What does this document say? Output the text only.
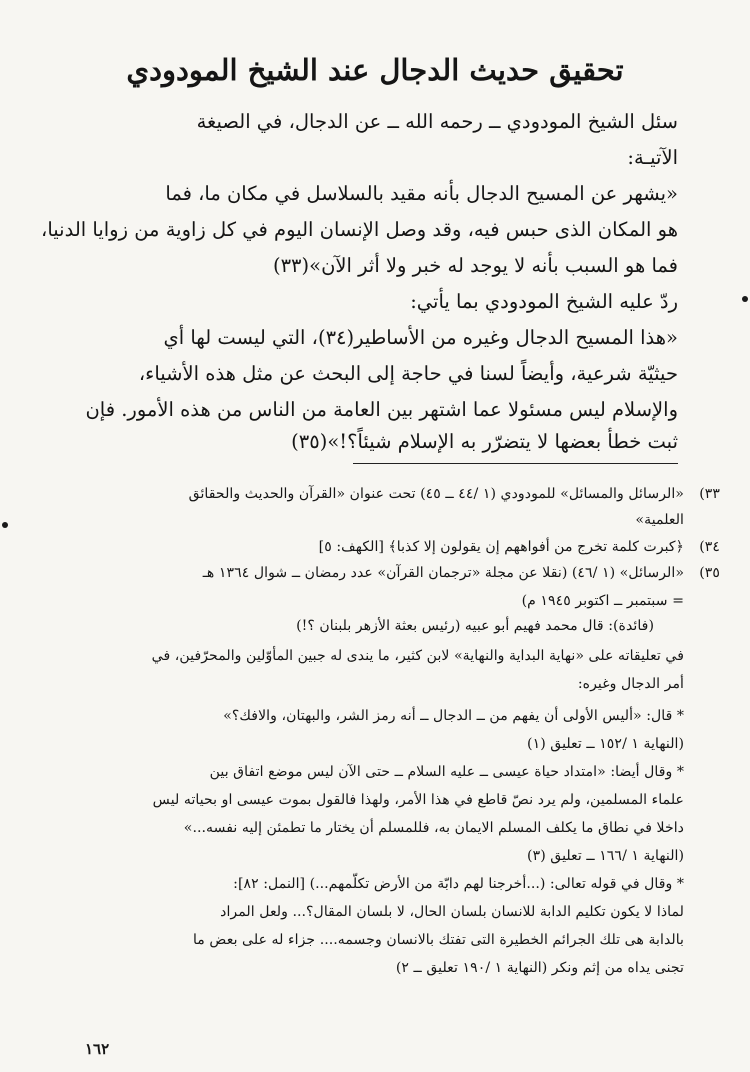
تحقيق حديث الدجال عند الشيخ المودودي
سئل الشيخ المودودي ــ رحمه الله ــ عن الدجال، في الصيغة
الآتيـة:
«يشهر عن المسيح الدجال بأنه مقيد بالسلاسل في مكان ما، فما
هو المكان الذى حبس فيه، وقد وصل الإنسان اليوم في كل زاوية من زوايا الدنيا،
فما هو السبب بأنه لا يوجد له خبر ولا أثر الآن»(٣٣)
ردّ عليه الشيخ المودودي بما يأتي:
«هذا المسيح الدجال وغيره من الأساطير(٣٤)، التي ليست لها أي
حيثيّة شرعية، وأيضاً لسنا في حاجة إلى البحث عن مثل هذه الأشياء،
والإسلام ليس مسئولا عما اشتهر بين العامة من الناس من هذه الأمور. فإن
ثبت خطأ بعضها لا يتضرّر به الإسلام شيئاً؟!»(٣٥)
٣٣)
«الرسائل والمسائل» للمودودي (١ /٤٤ ــ ٤٥) تحت عنوان «القرآن والحديث والحقائق
العلمية»
٣٤)
﴿كبرت كلمة تخرج من أفواههم إن يقولون إلا كذبا﴾ [الكهف: ٥]
٣٥)
«الرسائل» (١ /٤٦) (نقلا عن مجلة «ترجمان القرآن» عدد رمضان ــ شوال ١٣٦٤ هـ
= سبتمبر ــ اكتوبر ١٩٤٥ م)
(فائدة): قال محمد فهيم أبو عبيه (رئيس بعثة الأزهر بلبنان ؟!)
في تعليقاته على «نهاية البداية والنهاية» لابن كثير، ما يندى له جبين المأوّلين والمحرّفين، في
أمر الدجال وغيره:
* قال: «أليس الأولى أن يفهم من ــ الدجال ــ أنه رمز الشر، والبهتان، والافك؟»
(النهاية ١ /١٥٢ ــ تعليق (١)
* وقال أيضا: «امتداد حياة عيسى ــ عليه السلام ــ حتى الآن ليس موضع اتفاق بين
علماء المسلمين، ولم يرد نصّ قاطع في هذا الأمر، ولهذا فالقول بموت عيسى او بحياته ليس
داخلا في نطاق ما يكلف المسلم الايمان به، فللمسلم أن يختار ما تطمئن إليه نفسه...»
(النهاية ١ /١٦٦ ــ تعليق (٣)
* وقال في قوله تعالى: (...أخرجنا لهم دابّة من الأرض تكلّمهم...) [النمل: ٨٢]:
لماذا لا يكون تكليم الدابة للانسان بلسان الحال، لا بلسان المقال؟... ولعل المراد
بالدابة هى تلك الجرائم الخطيرة التى تفتك بالانسان وجسمه.... جزاء له على بعض ما
تجنى يداه من إثم ونكر (النهاية ١ /١٩٠ تعليق ــ ٢)
١٦٢
